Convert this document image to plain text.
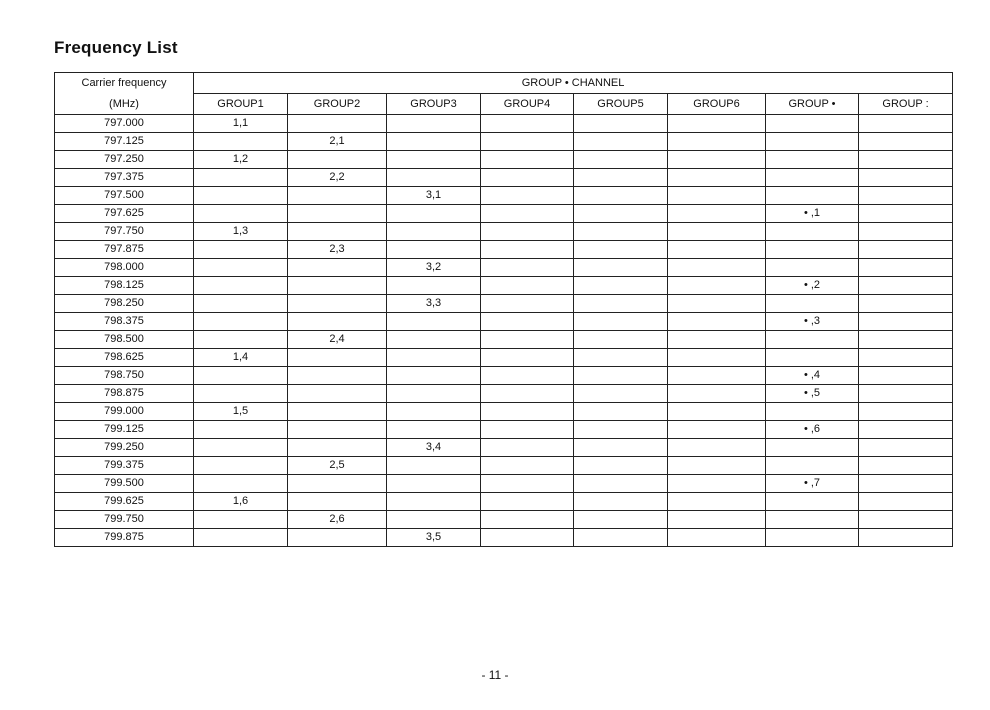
Frequency List
Carrier frequency	GROUP • CHANNEL							
(MHz)	GROUP1	GROUP2	GROUP3	GROUP4	GROUP5	GROUP6	GROUP •	GROUP :
797.000	1,1							
797.125		2,1						
797.250	1,2							
797.375		2,2						
797.500			3,1					
797.625							• ,1	
797.750	1,3							
797.875		2,3						
798.000			3,2					
798.125							• ,2	
798.250			3,3					
798.375							• ,3	
798.500		2,4						
798.625	1,4							
798.750							• ,4	
798.875							• ,5	
799.000	1,5							
799.125							• ,6	
799.250			3,4					
799.375		2,5						
799.500							• ,7	
799.625	1,6							
799.750		2,6						
799.875			3,5					
- 11 -
